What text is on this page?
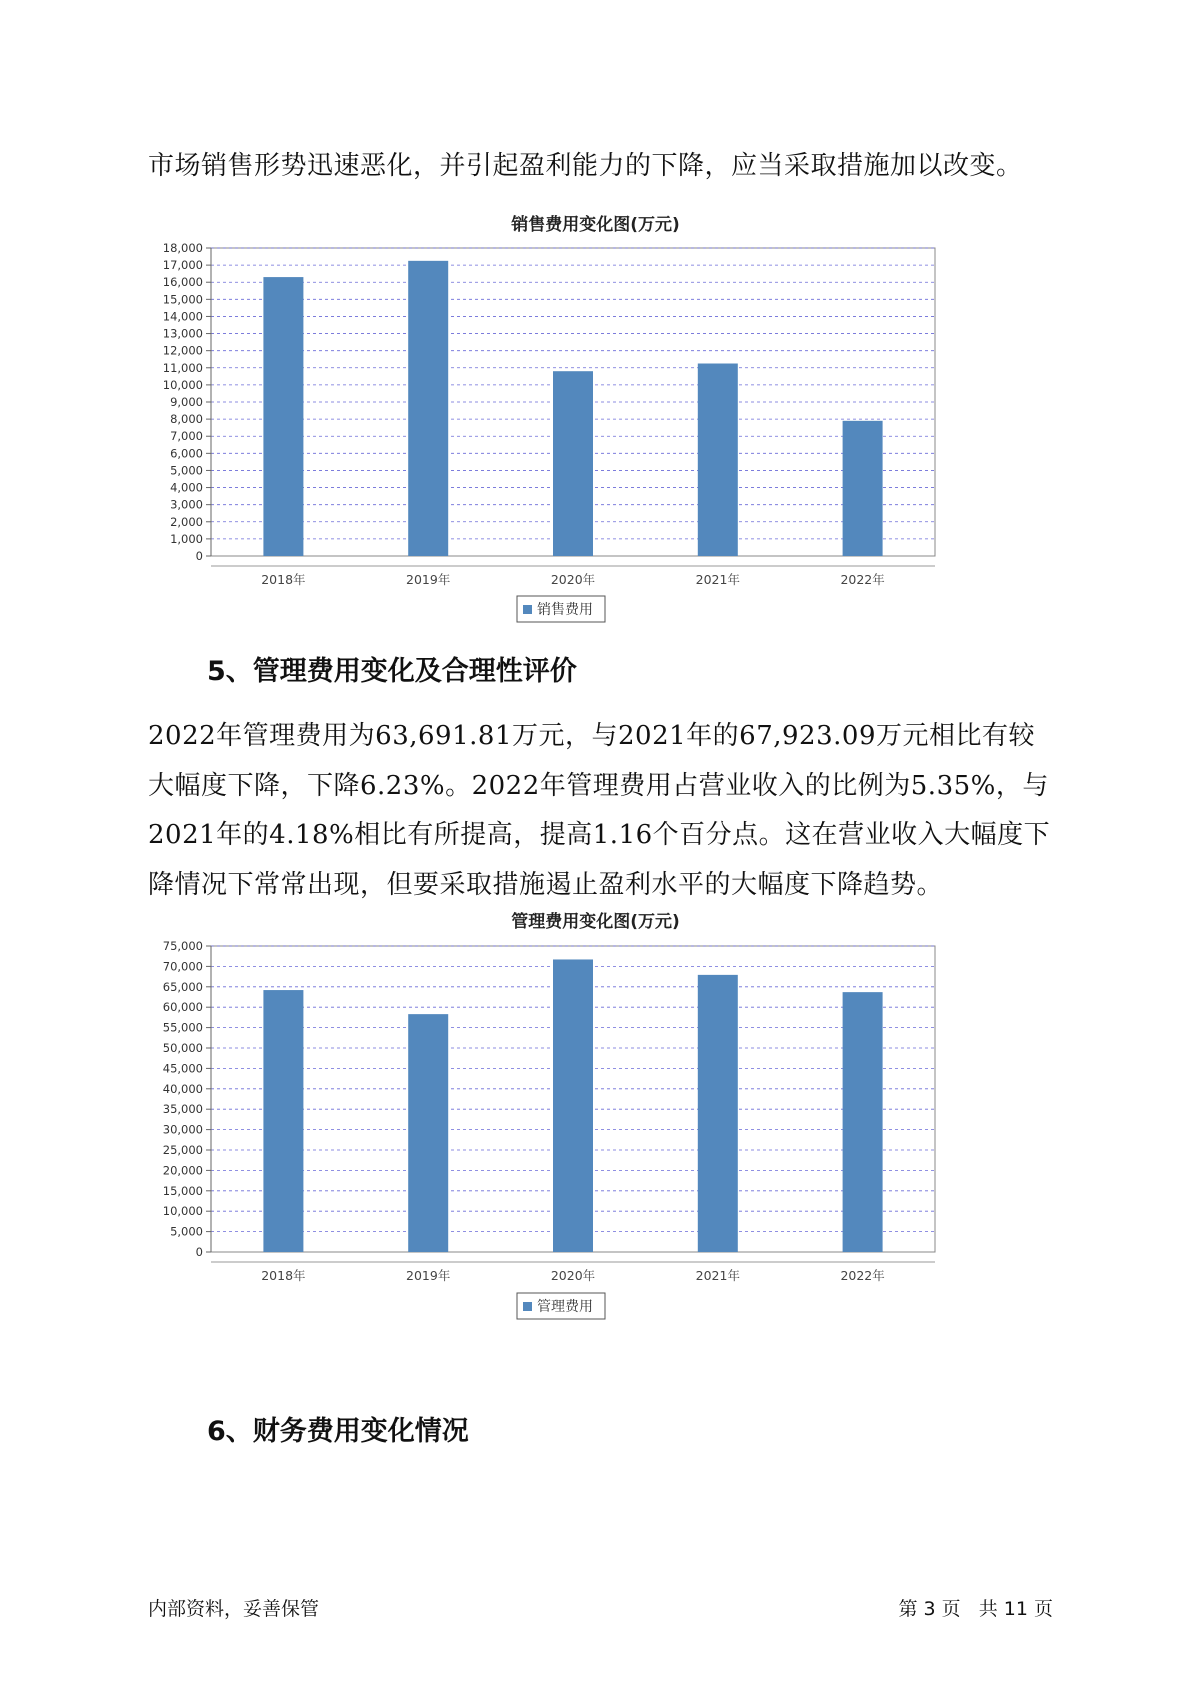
市场销售形势迅速恶化，并引起盈利能力的下降，应当采取措施加以改变。

销售费用变化图(万元)
0
1,000
2,000
3,000
4,000
5,000
6,000
7,000
8,000
9,000
10,000
11,000
12,000
13,000
14,000
15,000
16,000
17,000
18,000
2018年	2019年	2020年	2021年	2022年
销售费用
5、管理费用变化及合理性评价

2022年管理费用为63,691.81万元，与2021年的67,923.09万元相比有较大幅度下降，下降6.23%。2022年管理费用占营业收入的比例为5.35%，与2021年的4.18%相比有所提高，提高1.16个百分点。这在营业收入大幅度下降情况下常常出现，但要采取措施遏止盈利水平的大幅度下降趋势。

管理费用变化图(万元)
0
5,000
10,000
15,000
20,000
25,000
30,000
35,000
40,000
45,000
50,000
55,000
60,000
65,000
70,000
75,000
2018年	2019年	2020年	2021年	2022年
管理费用
6、财务费用变化情况
内部资料，妥善保管	第 3 页   共 11 页
